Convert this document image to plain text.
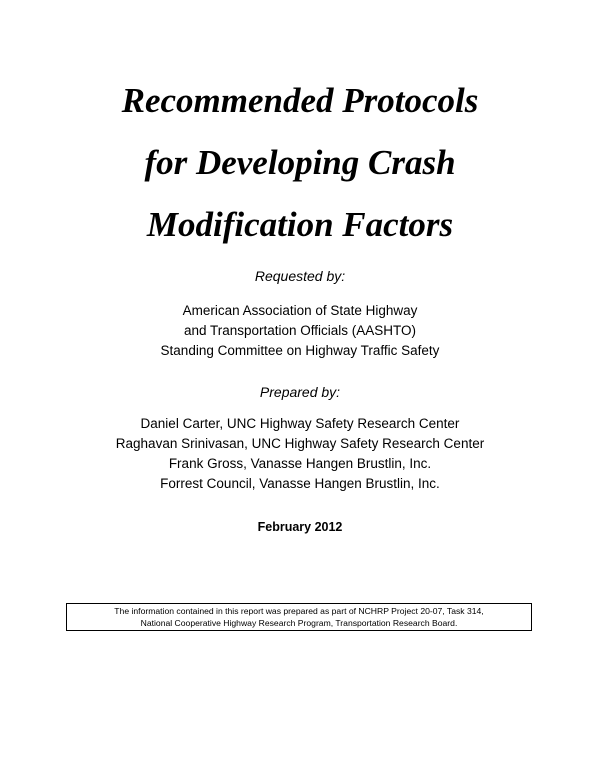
Recommended Protocols
for Developing Crash
Modification Factors

Requested by:

American Association of State Highway
and Transportation Officials (AASHTO)
Standing Committee on Highway Traffic Safety

Prepared by:

Daniel Carter, UNC Highway Safety Research Center
Raghavan Srinivasan, UNC Highway Safety Research Center
Frank Gross, Vanasse Hangen Brustlin, Inc.
Forrest Council, Vanasse Hangen Brustlin, Inc.

February 2012

The information contained in this report was prepared as part of NCHRP Project 20-07, Task 314,
National Cooperative Highway Research Program, Transportation Research Board.
